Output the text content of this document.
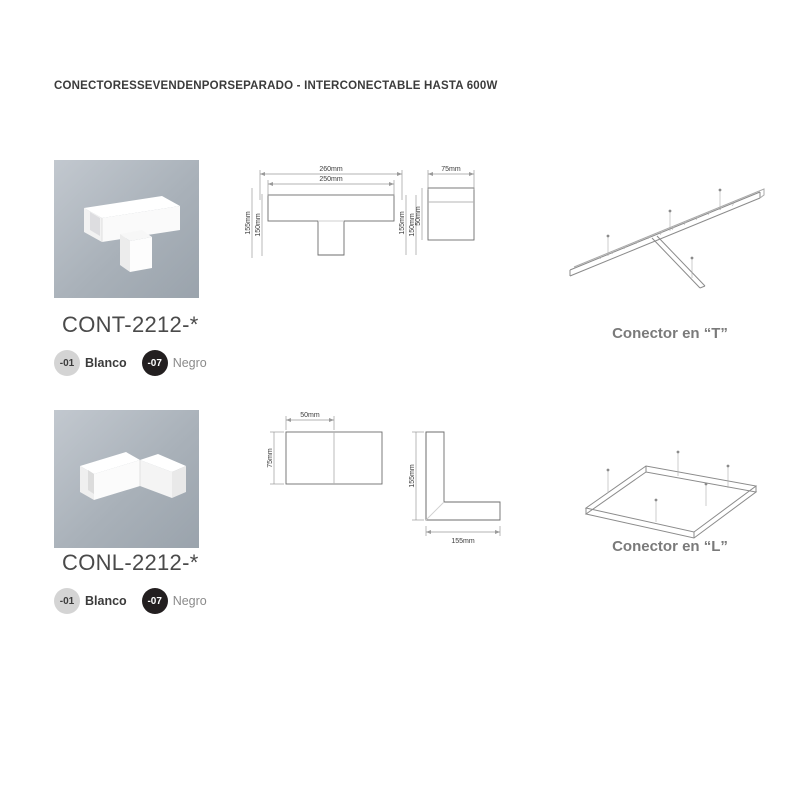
CONECTORESSEVENDENPORSEPARADO - INTERCONECTABLE HASTA 600W
CONT-2212-*
-01 Blanco	-07 Negro
260mm
250mm
155mm 150mm	155mm 150mm
75mm
50mm
Conector en “T”
CONL-2212-*
-01 Blanco	-07 Negro
50mm
75mm
155mm
155mm	Conector en “L”
